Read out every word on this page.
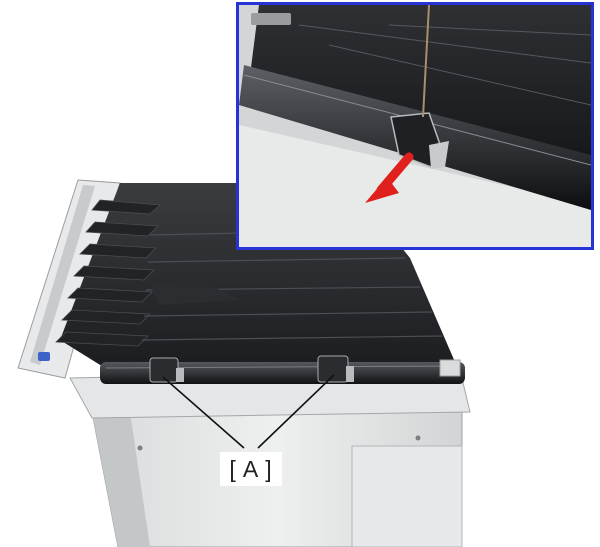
[ A ]
